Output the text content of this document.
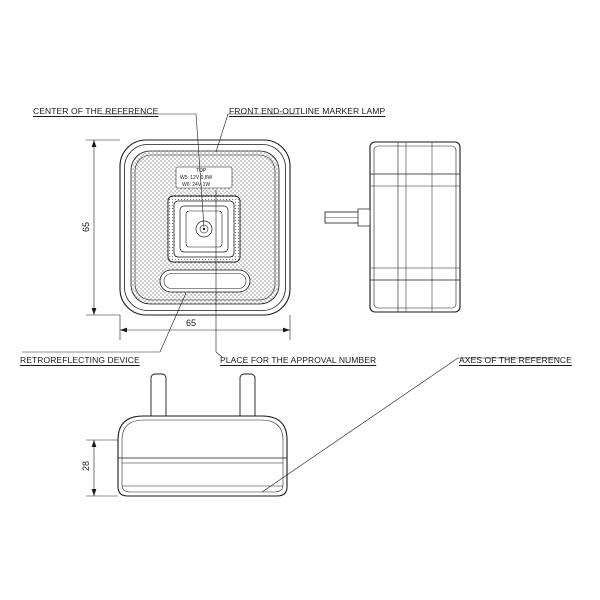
CENTER OF THE REFERENCE	FRONT END-OUTLINE MARKER LAMP
RETROREFLECTING DEVICE	PLACE FOR THE APPROVAL NUMBER	AXES OF THE REFERENCE
65
65
28
TOP
W5: 12V 0,8W
W6: 24V 1W
